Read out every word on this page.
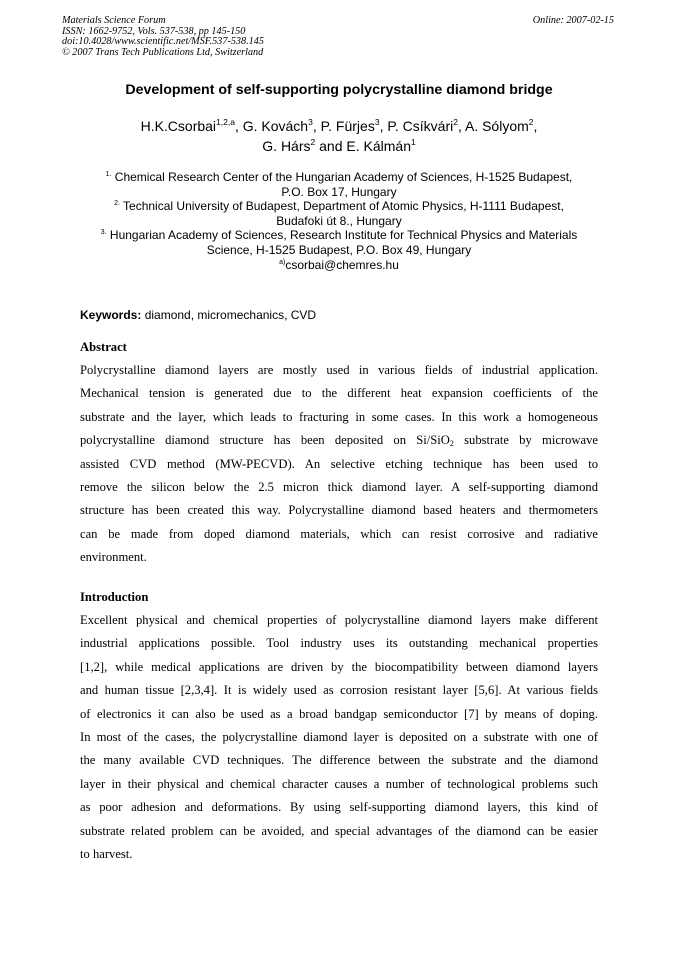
Materials Science Forum
ISSN: 1662-9752, Vols. 537-538, pp 145-150
doi:10.4028/www.scientific.net/MSF.537-538.145
© 2007 Trans Tech Publications Ltd, Switzerland
Online: 2007-02-15
Development of self-supporting polycrystalline diamond bridge
H.K.Csorbai$^{1,2,a}$, G. Kovách$^3$, P. Fürjes$^3$, P. Csíkvári$^2$, A. Sólyom$^2$,
G. Hárs$^2$ and E. Kálmán$^1$
$^{1.}$ Chemical Research Center of the Hungarian Academy of Sciences, H-1525 Budapest,
P.O. Box 17, Hungary
$^{2.}$ Technical University of Budapest, Department of Atomic Physics, H-1111 Budapest,
Budafoki út 8., Hungary
$^{3.}$ Hungarian Academy of Sciences, Research Institute for Technical Physics and Materials
Science, H-1525 Budapest, P.O. Box 49, Hungary
$^{a)}$csorbai@chemres.hu
Keywords: diamond, micromechanics, CVD
Abstract
Polycrystalline diamond layers are mostly used in various fields of industrial application.
Mechanical tension is generated due to the different heat expansion coefficients of the
substrate and the layer, which leads to fracturing in some cases. In this work a homogeneous
polycrystalline diamond structure has been deposited on Si/SiO$_2$ substrate by microwave
assisted CVD method (MW-PECVD). An selective etching technique has been used to
remove the silicon below the 2.5 micron thick diamond layer. A self-supporting diamond
structure has been created this way. Polycrystalline diamond based heaters and thermometers
can be made from doped diamond materials, which can resist corrosive and radiative
environment.
Introduction
Excellent physical and chemical properties of polycrystalline diamond layers make different
industrial applications possible. Tool industry uses its outstanding mechanical properties
[1,2], while medical applications are driven by the biocompatibility between diamond layers
and human tissue [2,3,4]. It is widely used as corrosion resistant layer [5,6]. At various fields
of electronics it can also be used as a broad bandgap semiconductor [7] by means of doping.
In most of the cases, the polycrystalline diamond layer is deposited on a substrate with one of
the many available CVD techniques. The difference between the substrate and the diamond
layer in their physical and chemical character causes a number of technological problems such
as poor adhesion and deformations. By using self-supporting diamond layers, this kind of
substrate related problem can be avoided, and special advantages of the diamond can be easier
to harvest.
